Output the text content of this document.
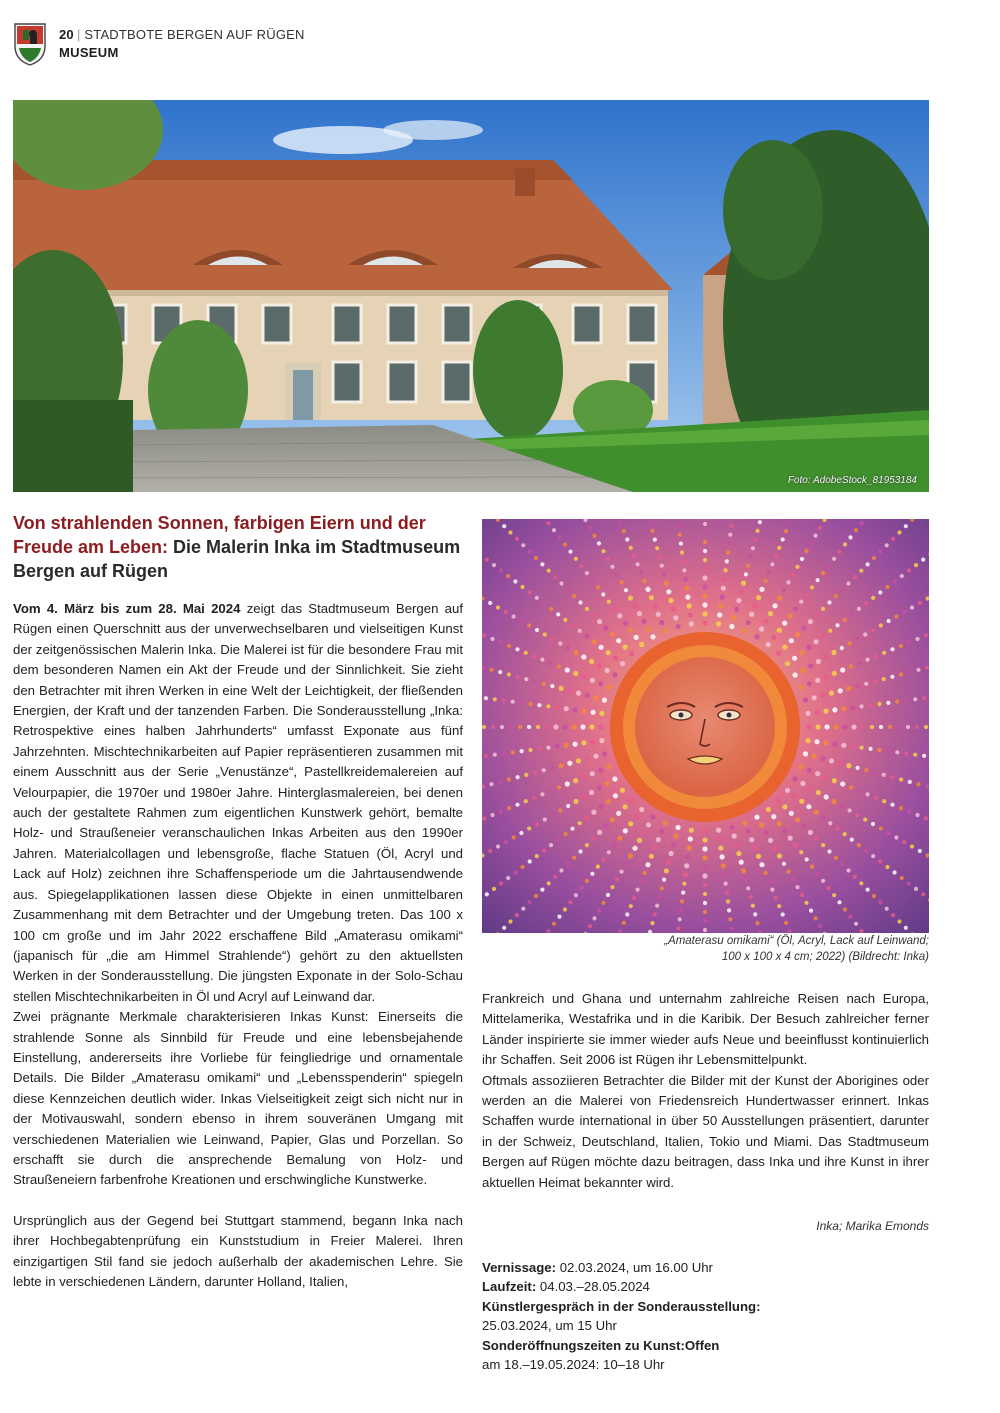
20
| STADTBOTE BERGEN AUF RÜGEN
MUSEUM
Foto: AdobeStock_81953184
Von strahlenden Sonnen, farbigen Eiern und der Freude am Leben: Die Malerin Inka im Stadtmuseum Bergen auf Rügen

Vom 4. März bis zum 28. Mai 2024 zeigt das Stadtmuseum Bergen auf Rügen einen Querschnitt aus der unverwechselbaren und vielseitigen Kunst der zeitgenössischen Malerin Inka. Die Malerei ist für die besondere Frau mit dem besonderen Namen ein Akt der Freude und der Sinnlichkeit. Sie zieht den Betrachter mit ihren Werken in eine Welt der Leichtigkeit, der fließenden Energien, der Kraft und der tanzenden Farben. Die Sonderausstellung „Inka: Retrospektive eines halben Jahrhunderts“ umfasst Exponate aus fünf Jahrzehnten. Mischtechnikarbeiten auf Papier repräsentieren zusammen mit einem Ausschnitt aus der Serie „Venustänze“, Pastellkreidemalereien auf Velourpapier, die 1970er und 1980er Jahre. Hinterglasmalereien, bei denen auch der gestaltete Rahmen zum eigentlichen Kunstwerk gehört, bemalte Holz- und Straußeneier veranschaulichen Inkas Arbeiten aus den 1990er Jahren. Materialcollagen und lebensgroße, flache Statuen (Öl, Acryl und Lack auf Holz) zeichnen ihre Schaffensperiode um die Jahrtausendwende aus. Spiegelapplikationen lassen diese Objekte in einen unmittelbaren Zusammenhang mit dem Betrachter und der Umgebung treten. Das 100 x 100 cm große und im Jahr 2022 erschaffene Bild „Amaterasu omikami“ (japanisch für „die am Himmel Strahlende“) gehört zu den aktuellsten Werken in der Sonderausstellung. Die jüngsten Exponate in der Solo-Schau stellen Mischtechnikarbeiten in Öl und Acryl auf Leinwand dar.

Zwei prägnante Merkmale charakterisieren Inkas Kunst: Einerseits die strahlende Sonne als Sinnbild für Freude und eine lebensbejahende Einstellung, andererseits ihre Vorliebe für feingliedrige und ornamentale Details. Die Bilder „Amaterasu omikami“ und „Lebensspenderin“ spiegeln diese Kennzeichen deutlich wider. Inkas Vielseitigkeit zeigt sich nicht nur in der Motivauswahl, sondern ebenso in ihrem souveränen Umgang mit verschiedenen Materialien wie Leinwand, Papier, Glas und Porzellan. So erschafft sie durch die ansprechende Bemalung von Holz- und Straußeneiern farbenfrohe Kreationen und erschwingliche Kunstwerke.

Ursprünglich aus der Gegend bei Stuttgart stammend, begann Inka nach ihrer Hochbegabtenprüfung ein Kunststudium in Freier Malerei. Ihren einzigartigen Stil fand sie jedoch außerhalb der akademischen Lehre. Sie lebte in verschiedenen Ländern, darunter Holland, Italien,

„Amaterasu omikami“ (Öl, Acryl, Lack auf Leinwand;
100 x 100 x 4 cm; 2022) (Bildrecht: Inka)

Frankreich und Ghana und unternahm zahlreiche Reisen nach Europa, Mittelamerika, Westafrika und in die Karibik. Der Besuch zahlreicher ferner Länder inspirierte sie immer wieder aufs Neue und beeinflusst kontinuierlich ihr Schaffen. Seit 2006 ist Rügen ihr Lebensmittelpunkt.

Oftmals assoziieren Betrachter die Bilder mit der Kunst der Aborigines oder werden an die Malerei von Friedensreich Hundertwasser erinnert. Inkas Schaffen wurde international in über 50 Ausstellungen präsentiert, darunter in der Schweiz, Deutschland, Italien, Tokio und Miami. Das Stadtmuseum Bergen auf Rügen möchte dazu beitragen, dass Inka und ihre Kunst in ihrer aktuellen Heimat bekannter wird.

Inka; Marika Emonds
Vernissage: 02.03.2024, um 16.00 Uhr
Laufzeit: 04.03.–28.05.2024
Künstlergespräch in der Sonderausstellung:
25.03.2024, um 15 Uhr
Sonderöffnungszeiten zu Kunst:Offen
am 18.–19.05.2024: 10–18 Uhr
